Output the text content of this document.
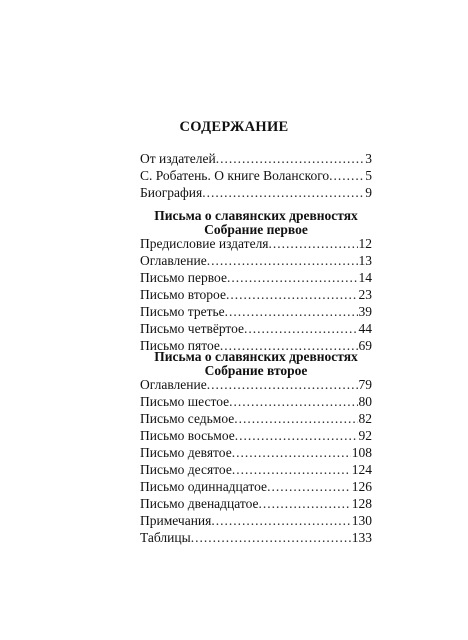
СОДЕРЖАНИЕ
От издателей .....	3
С. Робатень. О книге Воланского .....	5
Биография .....	9
Письма о славянских древностях
Собрание первое
Предисловие издателя .....	12
Оглавление .....	13
Письмо первое .....	14
Письмо второе .....	23
Письмо третье .....	39
Письмо четвёртое .....	44
Письмо пятое .....	69
Письма о славянских древностях
Собрание второе
Оглавление .....	79
Письмо шестое .....	80
Письмо седьмое .....	82
Письмо восьмое .....	92
Письмо девятое .....	108
Письмо десятое .....	124
Письмо одиннадцатое .....	126
Письмо двенадцатое .....	128
Примечания .....	130
Таблицы .....	133
